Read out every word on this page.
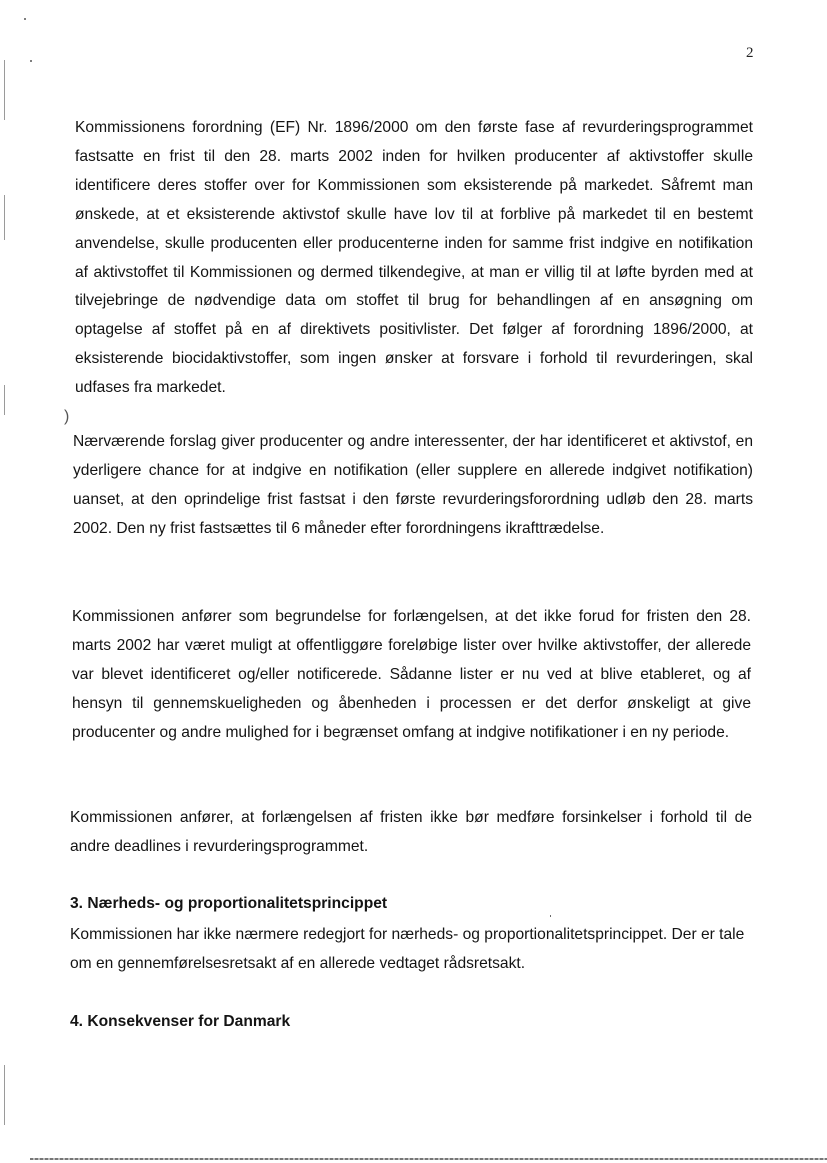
2

Kommissionens forordning (EF) Nr. 1896/2000 om den første fase af revurderingsprogrammet fastsatte en frist til den 28. marts 2002 inden for hvilken producenter af aktivstoffer skulle identificere deres stoffer over for Kommissionen som eksisterende på markedet. Såfremt man ønskede, at et eksisterende aktivstof skulle have lov til at forblive på markedet til en bestemt anvendelse, skulle producenten eller producenterne inden for samme frist indgive en notifikation af aktivstoffet til Kommissionen og dermed tilkendegive, at man er villig til at løfte byrden med at tilvejebringe de nødvendige data om stoffet til brug for behandlingen af en ansøgning om optagelse af stoffet på en af direktivets positivlister. Det følger af forordning 1896/2000, at eksisterende biocidaktivstoffer, som ingen ønsker at forsvare i forhold til revurderingen, skal udfases fra markedet.

)

Nærværende forslag giver producenter og andre interessenter, der har identificeret et aktivstof, en yderligere chance for at indgive en notifikation (eller supplere en allerede indgivet notifikation) uanset, at den oprindelige frist fastsat i den første revurderingsforordning udløb den 28. marts 2002. Den ny frist fastsættes til 6 måneder efter forordningens ikrafttrædelse.

Kommissionen anfører som begrundelse for forlængelsen, at det ikke forud for fristen den 28. marts 2002 har været muligt at offentliggøre foreløbige lister over hvilke aktivstoffer, der allerede var blevet identificeret og/eller notificerede. Sådanne lister er nu ved at blive etableret, og af hensyn til gennemskueligheden og åbenheden i processen er det derfor ønskeligt at give producenter og andre mulighed for i begrænset omfang at indgive notifikationer i en ny periode.

Kommissionen anfører, at forlængelsen af fristen ikke bør medføre forsinkelser i forhold til de andre deadlines i revurderingsprogrammet.

3. Nærheds- og proportionalitetsprincippet

Kommissionen har ikke nærmere redegjort for nærheds- og proportionalitetsprincippet. Der er tale om en gennemførelsesretsakt af en allerede vedtaget rådsretsakt.

4. Konsekvenser for Danmark
